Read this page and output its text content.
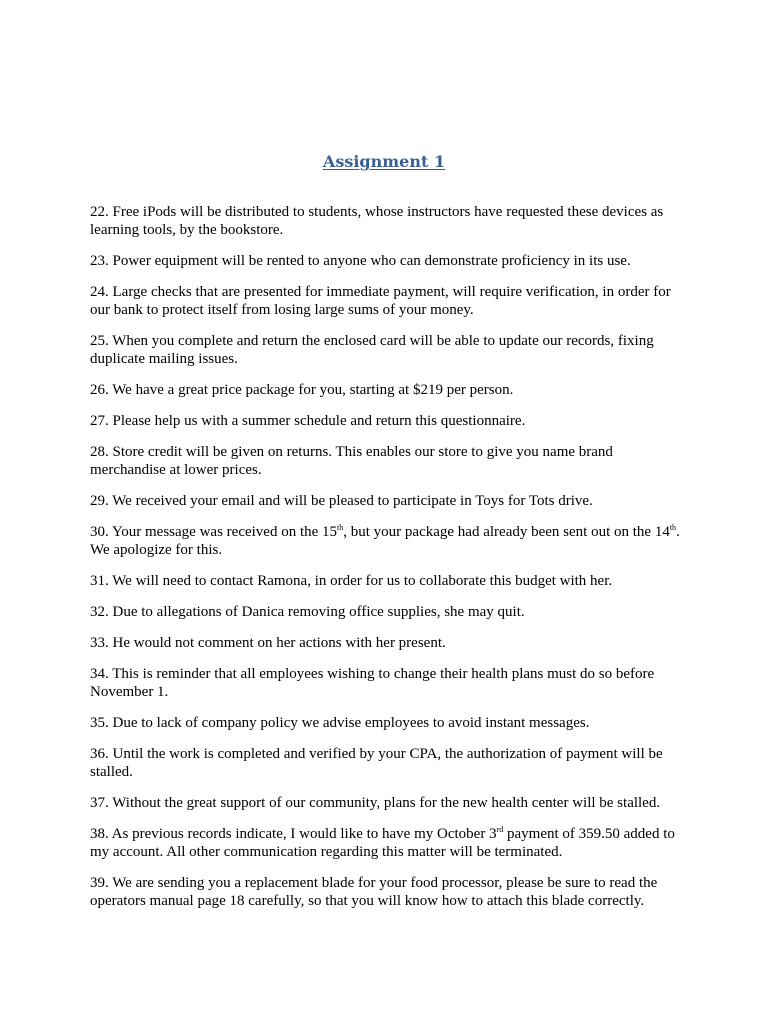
Assignment 1

22. Free iPods will be distributed to students, whose instructors have requested these devices as learning tools, by the bookstore.

23. Power equipment will be rented to anyone who can demonstrate proficiency in its use.

24. Large checks that are presented for immediate payment, will require verification, in order for our bank to protect itself from losing large sums of your money.

25. When you complete and return the enclosed card will be able to update our records, fixing duplicate mailing issues.

26. We have a great price package for you, starting at $219 per person.

27. Please help us with a summer schedule and return this questionnaire.

28. Store credit will be given on returns. This enables our store to give you name brand merchandise at lower prices.

29. We received your email and will be pleased to participate in Toys for Tots drive.

30. Your message was received on the 15th, but your package had already been sent out on the 14th. We apologize for this.

31. We will need to contact Ramona, in order for us to collaborate this budget with her.

32. Due to allegations of Danica removing office supplies, she may quit.

33. He would not comment on her actions with her present.

34. This is reminder that all employees wishing to change their health plans must do so before November 1.

35. Due to lack of company policy we advise employees to avoid instant messages.

36. Until the work is completed and verified by your CPA, the authorization of payment will be stalled.

37. Without the great support of our community, plans for the new health center will be stalled.

38. As previous records indicate, I would like to have my October 3rd payment of 359.50 added to my account. All other communication regarding this matter will be terminated.

39. We are sending you a replacement blade for your food processor, please be sure to read the operators manual page 18 carefully, so that you will know how to attach this blade correctly.
